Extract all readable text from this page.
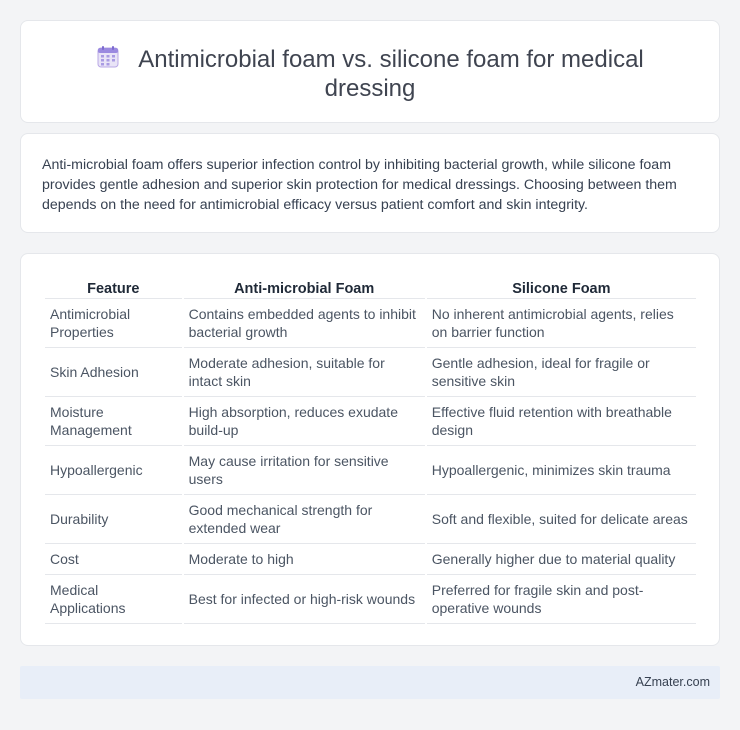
Antimicrobial foam vs. silicone foam for medical dressing

Anti-microbial foam offers superior infection control by inhibiting bacterial growth, while silicone foam provides gentle adhesion and superior skin protection for medical dressings. Choosing between them depends on the need for antimicrobial efficacy versus patient comfort and skin integrity.

Feature	Anti-microbial Foam	Silicone Foam
Antimicrobial Properties	Contains embedded agents to inhibit bacterial growth	No inherent antimicrobial agents, relies on barrier function
Skin Adhesion	Moderate adhesion, suitable for intact skin	Gentle adhesion, ideal for fragile or sensitive skin
Moisture Management	High absorption, reduces exudate build-up	Effective fluid retention with breathable design
Hypoallergenic	May cause irritation for sensitive users	Hypoallergenic, minimizes skin trauma
Durability	Good mechanical strength for extended wear	Soft and flexible, suited for delicate areas
Cost	Moderate to high	Generally higher due to material quality
Medical Applications	Best for infected or high-risk wounds	Preferred for fragile skin and post-operative wounds
AZmater.com
